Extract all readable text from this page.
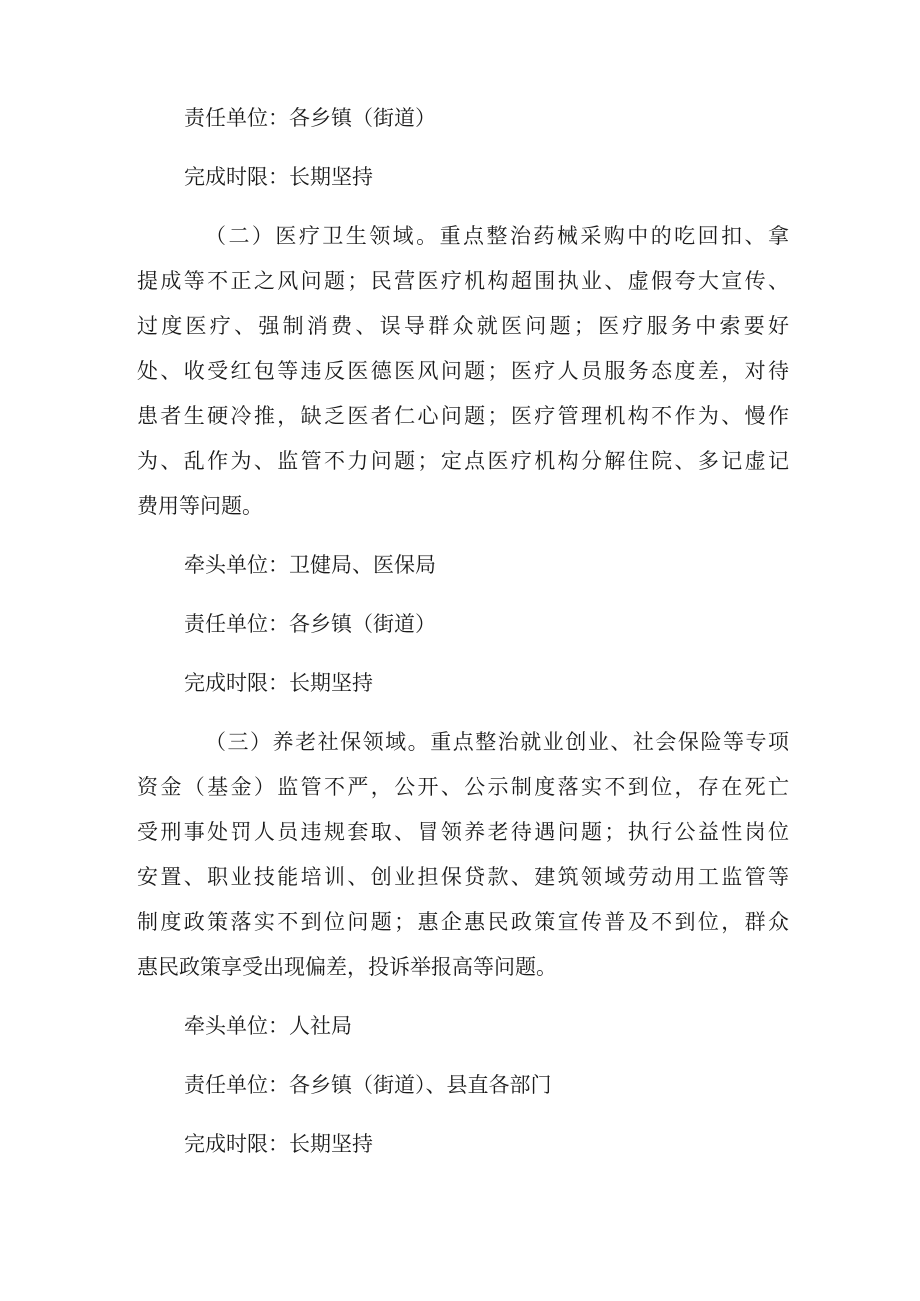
责任单位：各乡镇（街道）
完成时限：长期坚持
（二）医疗卫生领域。重点整治药械采购中的吃回扣、拿
提成等不正之风问题；民营医疗机构超围执业、虚假夸大宣传、
过度医疗、强制消费、误导群众就医问题；医疗服务中索要好
处、收受红包等违反医德医风问题；医疗人员服务态度差，对待
患者生硬冷推，缺乏医者仁心问题；医疗管理机构不作为、慢作
为、乱作为、监管不力问题；定点医疗机构分解住院、多记虚记
费用等问题。
牵头单位：卫健局、医保局
责任单位：各乡镇（街道）
完成时限：长期坚持
（三）养老社保领域。重点整治就业创业、社会保险等专项
资金（基金）监管不严，公开、公示制度落实不到位，存在死亡
受刑事处罚人员违规套取、冒领养老待遇问题；执行公益性岗位
安置、职业技能培训、创业担保贷款、建筑领域劳动用工监管等
制度政策落实不到位问题；惠企惠民政策宣传普及不到位，群众
惠民政策享受出现偏差，投诉举报高等问题。
牵头单位：人社局
责任单位：各乡镇（街道）、县直各部门
完成时限：长期坚持
